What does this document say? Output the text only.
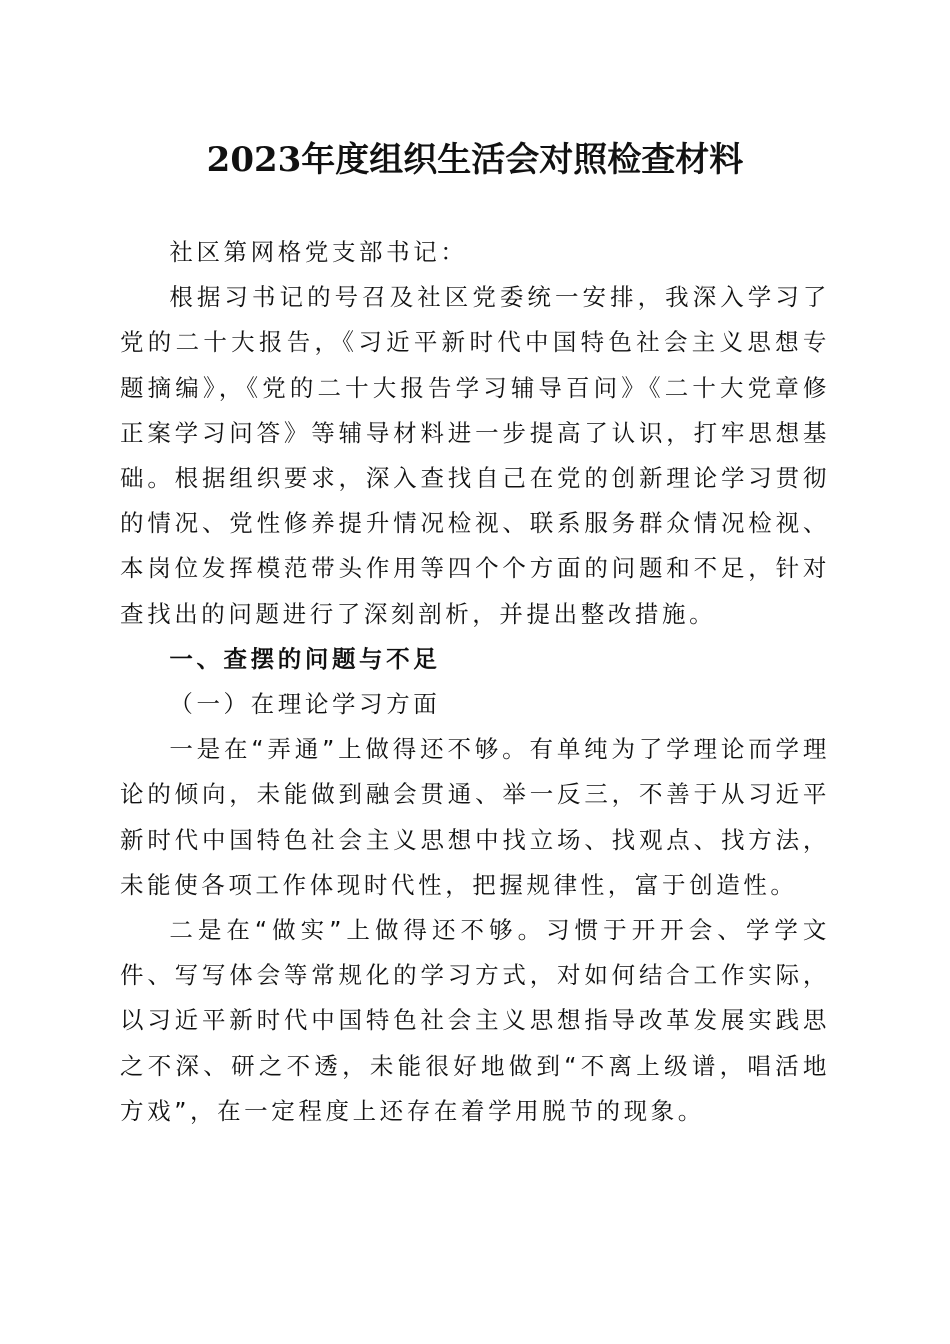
2023年度组织生活会对照检查材料

社区第网格党支部书记：

根据习书记的号召及社区党委统一安排，我深入学习了党的二十大报告，《习近平新时代中国特色社会主义思想专题摘编》，《党的二十大报告学习辅导百问》《二十大党章修正案学习问答》等辅导材料进一步提高了认识，打牢思想基础。根据组织要求，深入查找自己在党的创新理论学习贯彻的情况、党性修养提升情况检视、联系服务群众情况检视、本岗位发挥模范带头作用等四个个方面的问题和不足，针对查找出的问题进行了深刻剖析，并提出整改措施。

一、查摆的问题与不足

（一）在理论学习方面

一是在“弄通”上做得还不够。有单纯为了学理论而学理论的倾向，未能做到融会贯通、举一反三，不善于从习近平新时代中国特色社会主义思想中找立场、找观点、找方法，未能使各项工作体现时代性，把握规律性，富于创造性。

二是在“做实”上做得还不够。习惯于开开会、学学文件、写写体会等常规化的学习方式，对如何结合工作实际，以习近平新时代中国特色社会主义思想指导改革发展实践思之不深、研之不透，未能很好地做到“不离上级谱，唱活地方戏”，在一定程度上还存在着学用脱节的现象。
